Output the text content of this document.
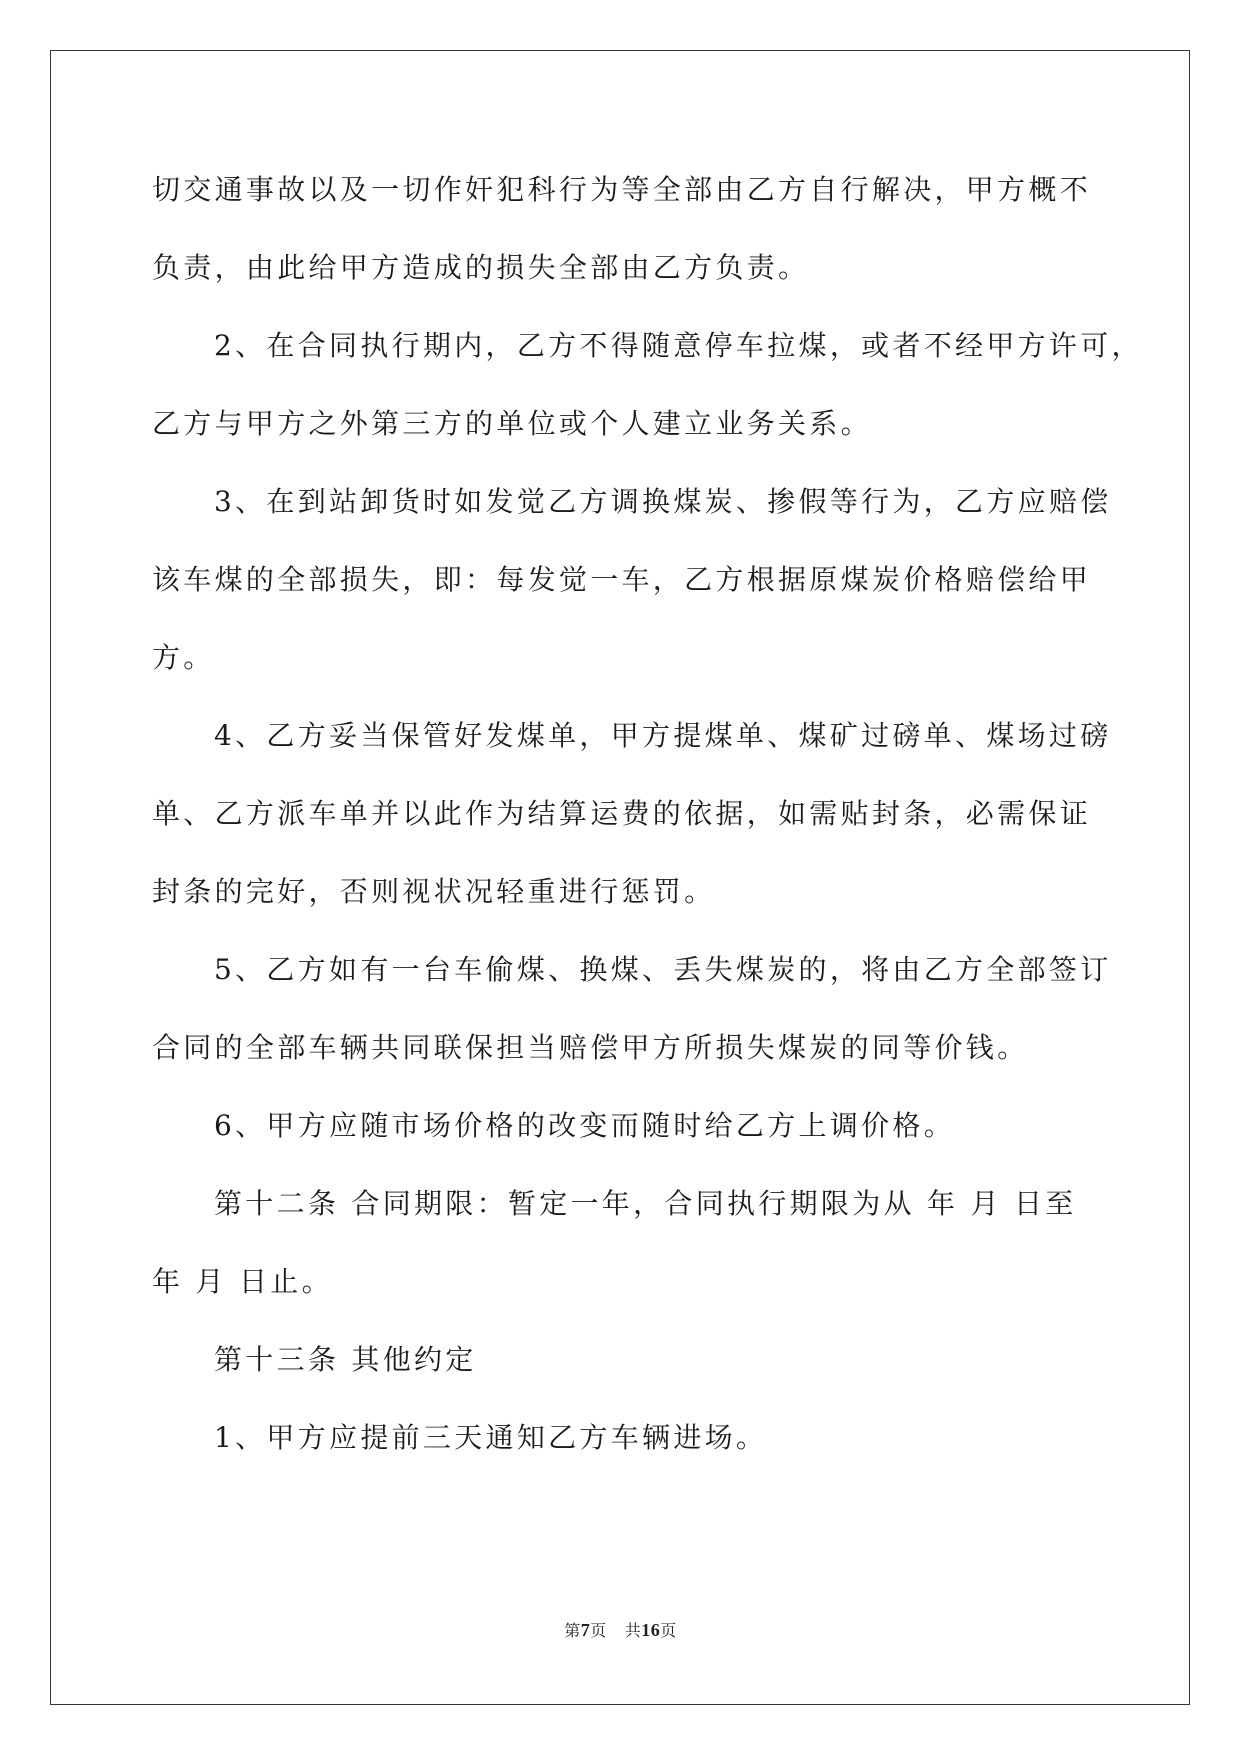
切交通事故以及一切作奸犯科行为等全部由乙方自行解决，甲方概不
负责，由此给甲方造成的损失全部由乙方负责。
2、在合同执行期内，乙方不得随意停车拉煤，或者不经甲方许可，
乙方与甲方之外第三方的单位或个人建立业务关系。
3、在到站卸货时如发觉乙方调换煤炭、掺假等行为，乙方应赔偿
该车煤的全部损失，即：每发觉一车，乙方根据原煤炭价格赔偿给甲
方。
4、乙方妥当保管好发煤单，甲方提煤单、煤矿过磅单、煤场过磅
单、乙方派车单并以此作为结算运费的依据，如需贴封条，必需保证
封条的完好，否则视状况轻重进行惩罚。
5、乙方如有一台车偷煤、换煤、丢失煤炭的，将由乙方全部签订
合同的全部车辆共同联保担当赔偿甲方所损失煤炭的同等价钱。
6、甲方应随市场价格的改变而随时给乙方上调价格。
第十二条 合同期限：暂定一年，合同执行期限为从 年 月 日至
年 月 日止。
第十三条 其他约定
1、甲方应提前三天通知乙方车辆进场。
第7页 共16页
